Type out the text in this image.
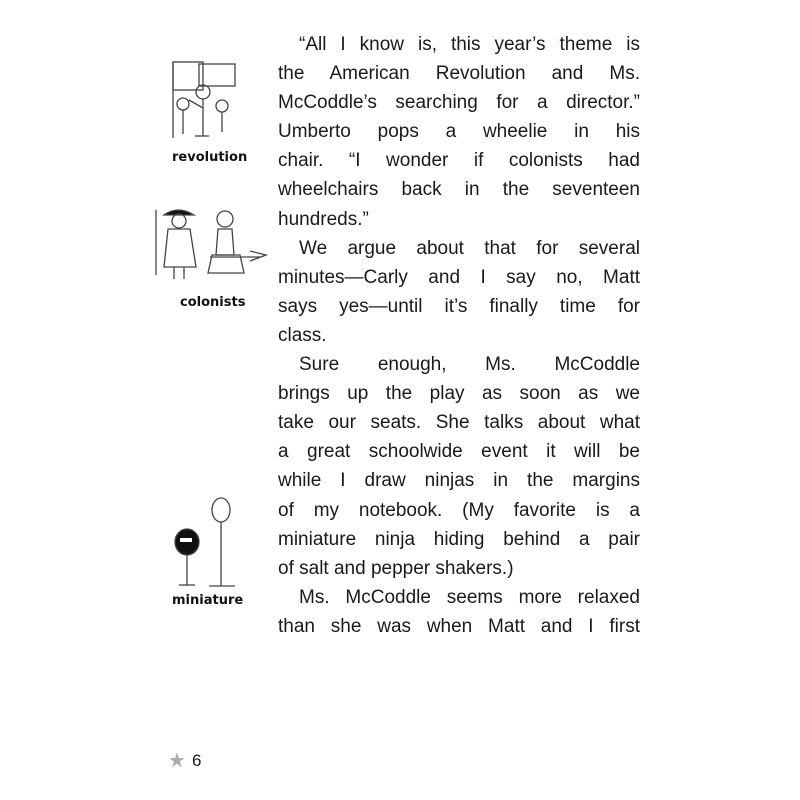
revolution
colonists
miniature
“All I know is, this year’s theme is
the American Revolution and Ms.
McCoddle’s searching for a director.”
Umberto pops a wheelie in his
chair. “I wonder if colonists had
wheelchairs back in the seventeen
hundreds.”
We argue about that for several
minutes—Carly and I say no, Matt
says yes—until it’s finally time for
class.
Sure enough, Ms. McCoddle
brings up the play as soon as we
take our seats. She talks about what
a great schoolwide event it will be
while I draw ninjas in the margins
of my notebook. (My favorite is a
miniature ninja hiding behind a pair
of salt and pepper shakers.)
Ms. McCoddle seems more relaxed
than she was when Matt and I first
★ 6
